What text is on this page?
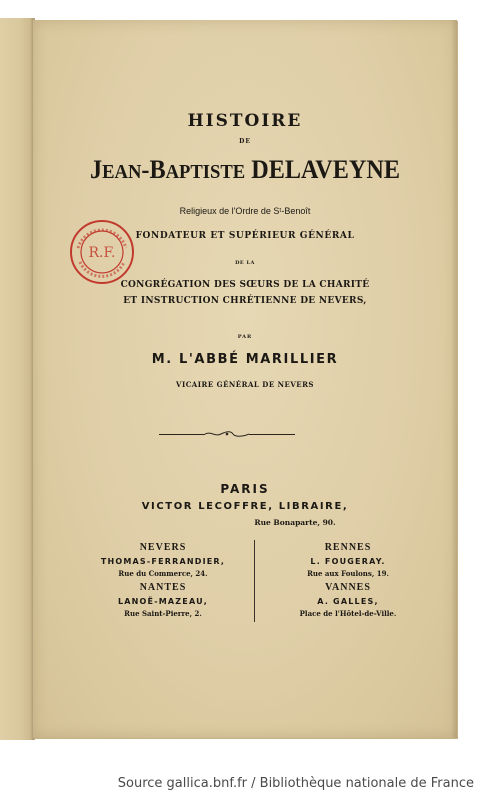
HISTOIRE
DE
JEAN-BAPTISTE DELAVEYNE
Religieux de l'Ordre de Sᵗ-Benoît
FONDATEUR ET SUPÉRIEUR GÉNÉRAL
DE LA
CONGRÉGATION DES SŒURS DE LA CHARITÉ
ET INSTRUCTION CHRÉTIENNE DE NEVERS,
PAR
M. L'ABBÉ MARILLIER
VICAIRE GÉNÉRAL DE NEVERS
PARIS
VICTOR LECOFFRE, LIBRAIRE,
Rue Bonaparte, 90.
NEVERS
THOMAS-FERRANDIER,
Rue du Commerce, 24.
NANTES
LANOË-MAZEAU,
Rue Saint-Pierre, 2.
RENNES
L. FOUGERAY.
Rue aux Foulons, 19.
VANNES
A. GALLES,
Place de l'Hôtel-de-Ville.
R.F.
Source gallica.bnf.fr / Bibliothèque nationale de France
